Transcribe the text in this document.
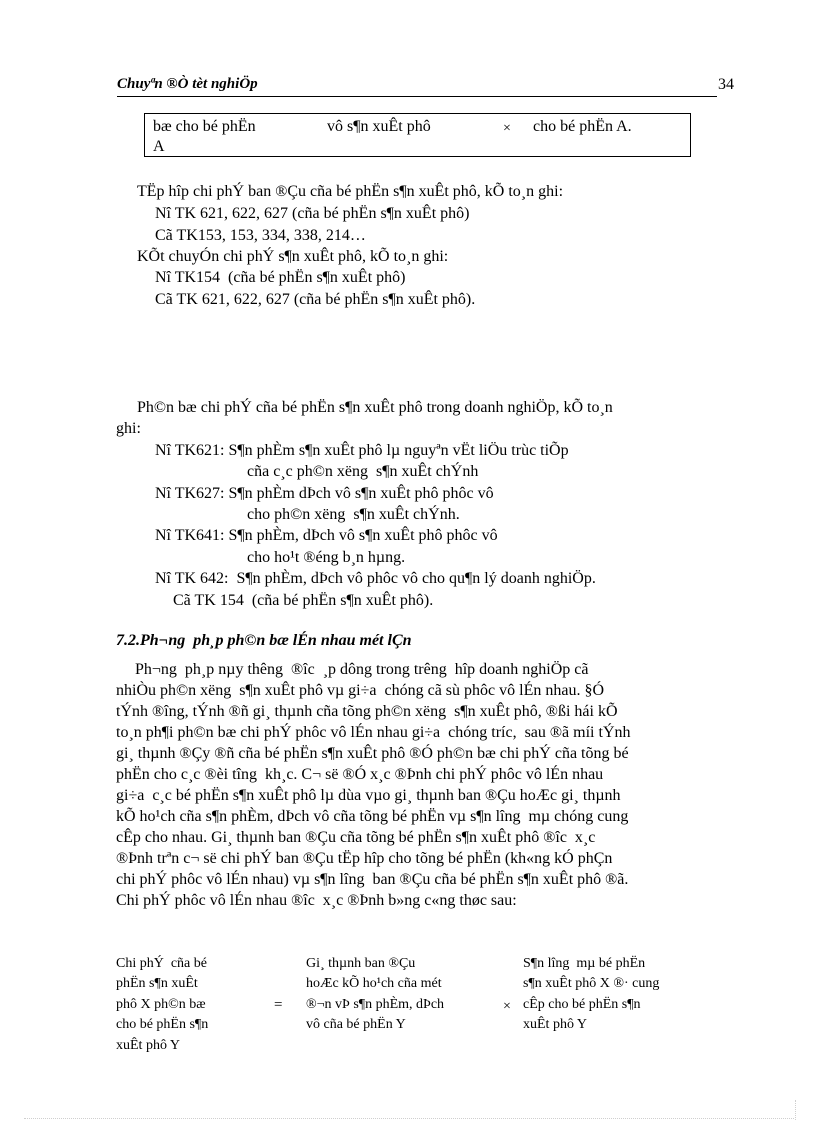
Chuyªn ®Ò tèt nghiÖp	34
bæ cho bé phËn	vô s¶n xuÊt phô	× cho bé phËn A.
A
TËp hîp chi phÝ ban ®Çu cña bé phËn s¶n xuÊt phô, kÕ to¸n ghi:
Nî TK 621, 622, 627 (cña bé phËn s¶n xuÊt phô)
Cã TK153, 153, 334, 338, 214…
KÕt chuyÓn chi phÝ s¶n xuÊt phô, kÕ to¸n ghi:
Nî TK154  (cña bé phËn s¶n xuÊt phô)
Cã TK 621, 622, 627 (cña bé phËn s¶n xuÊt phô).
Ph©n bæ chi phÝ cña bé phËn s¶n xuÊt phô trong doanh nghiÖp, kÕ to¸n
ghi:
Nî TK621: S¶n phÈm s¶n xuÊt phô lµ nguyªn vËt liÖu trùc tiÕp
cña c¸c ph©n xëng  s¶n xuÊt chÝnh
Nî TK627: S¶n phÈm dÞch vô s¶n xuÊt phô phôc vô
cho ph©n xëng  s¶n xuÊt chÝnh.
Nî TK641: S¶n phÈm, dÞch vô s¶n xuÊt phô phôc vô
cho ho¹t ®éng b¸n hµng.
Nî TK 642:  S¶n phÈm, dÞch vô phôc vô cho qu¶n lý doanh nghiÖp.
Cã TK 154  (cña bé phËn s¶n xuÊt phô).
7.2.Ph¬ng  ph¸p ph©n bæ lÉn nhau mét lÇn
Ph¬ng  ph¸p nµy thêng  ®îc  ¸p dông trong trêng  hîp doanh nghiÖp cã
nhiÒu ph©n xëng  s¶n xuÊt phô vµ gi÷a  chóng cã sù phôc vô lÉn nhau. §Ó
tÝnh ®îng, tÝnh ®ñ gi¸ thµnh cña tõng ph©n xëng  s¶n xuÊt phô, ®ßi hái kÕ
to¸n ph¶i ph©n bæ chi phÝ phôc vô lÉn nhau gi÷a  chóng tríc,  sau ®ã míi tÝnh
gi¸ thµnh ®Çy ®ñ cña bé phËn s¶n xuÊt phô ®Ó ph©n bæ chi phÝ cña tõng bé
phËn cho c¸c ®èi tîng  kh¸c. C¬ së ®Ó x¸c ®Þnh chi phÝ phôc vô lÉn nhau
gi÷a  c¸c bé phËn s¶n xuÊt phô lµ dùa vµo gi¸ thµnh ban ®Çu hoÆc gi¸ thµnh
kÕ ho¹ch cña s¶n phÈm, dÞch vô cña tõng bé phËn vµ s¶n lîng  mµ chóng cung
cÊp cho nhau. Gi¸ thµnh ban ®Çu cña tõng bé phËn s¶n xuÊt phô ®îc  x¸c
®Þnh trªn c¬ së chi phÝ ban ®Çu tËp hîp cho tõng bé phËn (kh«ng kÓ phÇn
chi phÝ phôc vô lÉn nhau) vµ s¶n lîng  ban ®Çu cña bé phËn s¶n xuÊt phô ®ã.
Chi phÝ phôc vô lÉn nhau ®îc  x¸c ®Þnh b»ng c«ng thøc sau:
Chi phÝ  cña bé
phËn s¶n xuÊt
phô X ph©n bæ
cho bé phËn s¶n
xuÊt phô Y
=
Gi¸ thµnh ban ®Çu
hoÆc kÕ ho¹ch cña mét
®¬n vÞ s¶n phÈm, dÞch
vô cña bé phËn Y
×
S¶n lîng  mµ bé phËn
s¶n xuÊt phô X ®· cung
cÊp cho bé phËn s¶n
xuÊt phô Y
